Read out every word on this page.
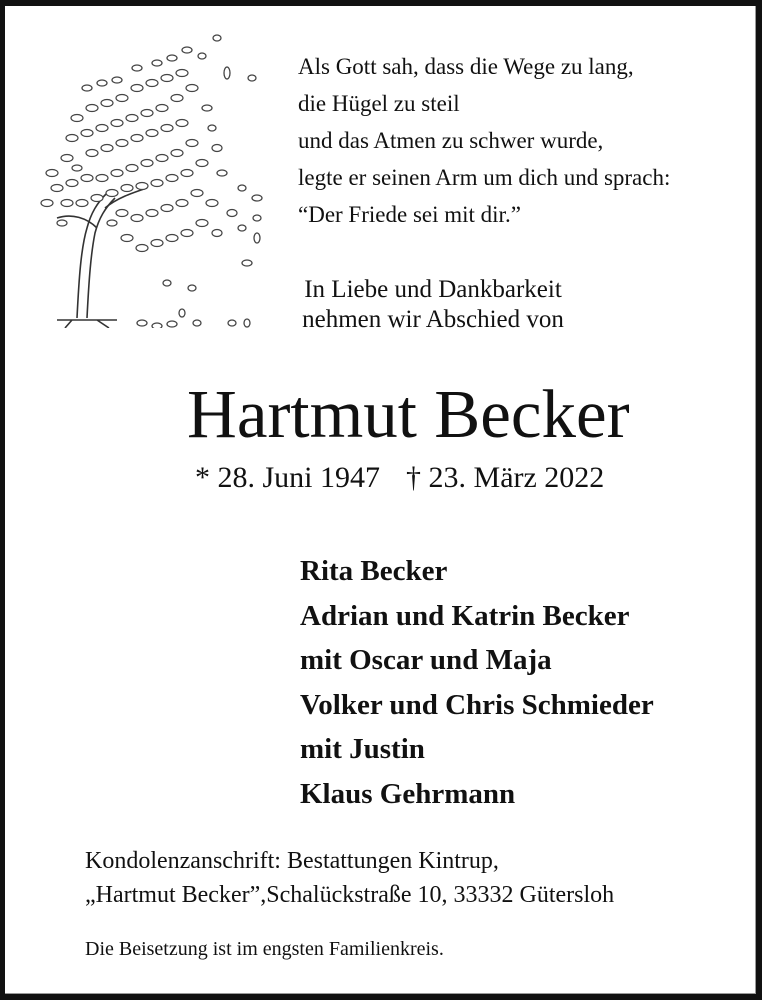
Als Gott sah, dass die Wege zu lang,
die Hügel zu steil
und das Atmen zu schwer wurde,
legte er seinen Arm um dich und sprach:
“Der Friede sei mit dir.”
In Liebe und Dankbarkeit
nehmen wir Abschied von
Hartmut Becker
* 28. Juni 1947 † 23. März 2022
Rita Becker
Adrian und Katrin Becker
mit Oscar und Maja
Volker und Chris Schmieder
mit Justin
Klaus Gehrmann
Kondolenzanschrift: Bestattungen Kintrup,
„Hartmut Becker”,Schalückstraße 10, 33332 Gütersloh
Die Beisetzung ist im engsten Familienkreis.
